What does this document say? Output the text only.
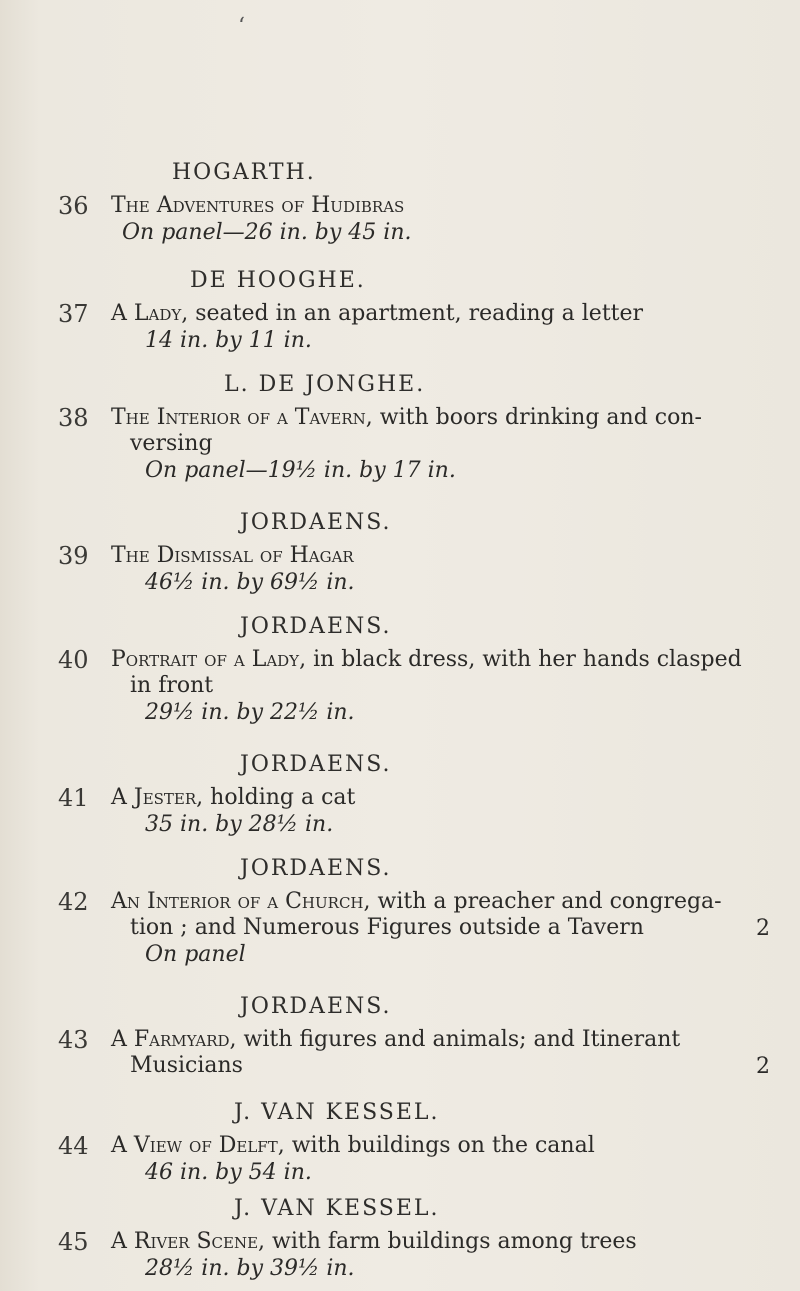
ʻ
HOGARTH.
36 The Adventures of Hudibras
On panel—26 in. by 45 in.
DE HOOGHE.
37 A Lady, seated in an apartment, reading a letter
14 in. by 11 in.
L. DE JONGHE.
38 The Interior of a Tavern, with boors drinking and con-
versing
On panel—19½ in. by 17 in.
JORDAENS.
39 The Dismissal of Hagar
46½ in. by 69½ in.
JORDAENS.
40 Portrait of a Lady, in black dress, with her hands clasped
in front
29½ in. by 22½ in.
JORDAENS.
41 A Jester, holding a cat
35 in. by 28½ in.
JORDAENS.
42 An Interior of a Church, with a preacher and congrega-
tion ; and Numerous Figures outside a Tavern	2
On panel
JORDAENS.
43 A Farmyard, with figures and animals; and Itinerant
Musicians	2
J. VAN KESSEL.
44 A View of Delft, with buildings on the canal
46 in. by 54 in.
J. VAN KESSEL.
45 A River Scene, with farm buildings among trees
28½ in. by 39½ in.
